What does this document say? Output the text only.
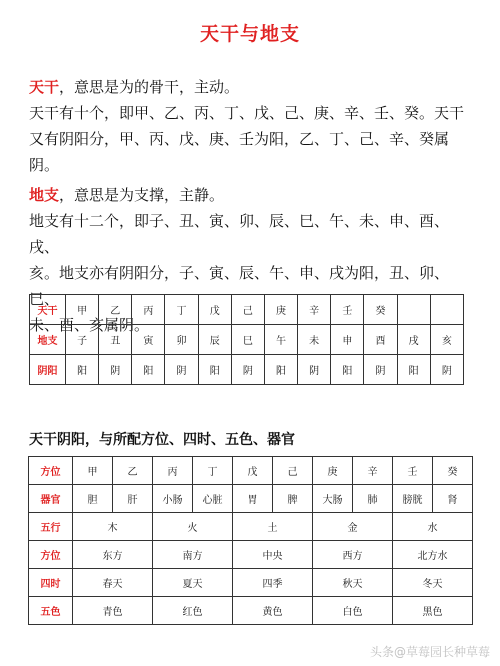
天干与地支
天干，意思是为的骨干，主动。
天干有十个，即甲、乙、丙、丁、戊、己、庚、辛、壬、癸。天干
又有阴阳分，甲、丙、戊、庚、壬为阳，乙、丁、己、辛、癸属阴。
地支，意思是为支撑，主静。
地支有十二个，即子、丑、寅、卯、辰、巳、午、未、申、酉、戌、
亥。地支亦有阴阳分，子、寅、辰、午、申、戌为阳，丑、卯、巳、
未、酉、亥属阴。
天干	甲	乙	丙	丁	戊	己	庚	辛	壬	癸		
地支	子	丑	寅	卯	辰	巳	午	未	申	酉	戌	亥
阴阳	阳	阴	阳	阴	阳	阴	阳	阴	阳	阴	阳	阴
天干阴阳，与所配方位、四时、五色、器官
方位	甲	乙	丙	丁	戊	己	庚	辛	壬	癸
器官	胆	肝	小肠	心脏	胃	脾	大肠	肺	膀胱	肾
五行	木		火		土		金		水	
方位	东方		南方		中央		西方		北方水	
四时	春天		夏天		四季		秋天		冬天	
五色	青色		红色		黄色		白色		黑色	
头条@草莓园长种草莓
